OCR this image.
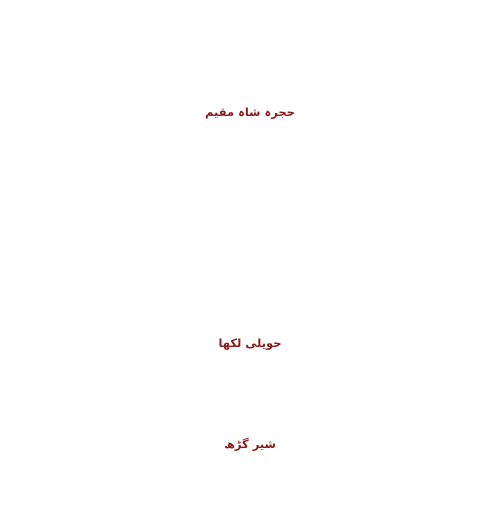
حجرہ شاہ مقیم

حویلی لکھا

شیر گڑھ
